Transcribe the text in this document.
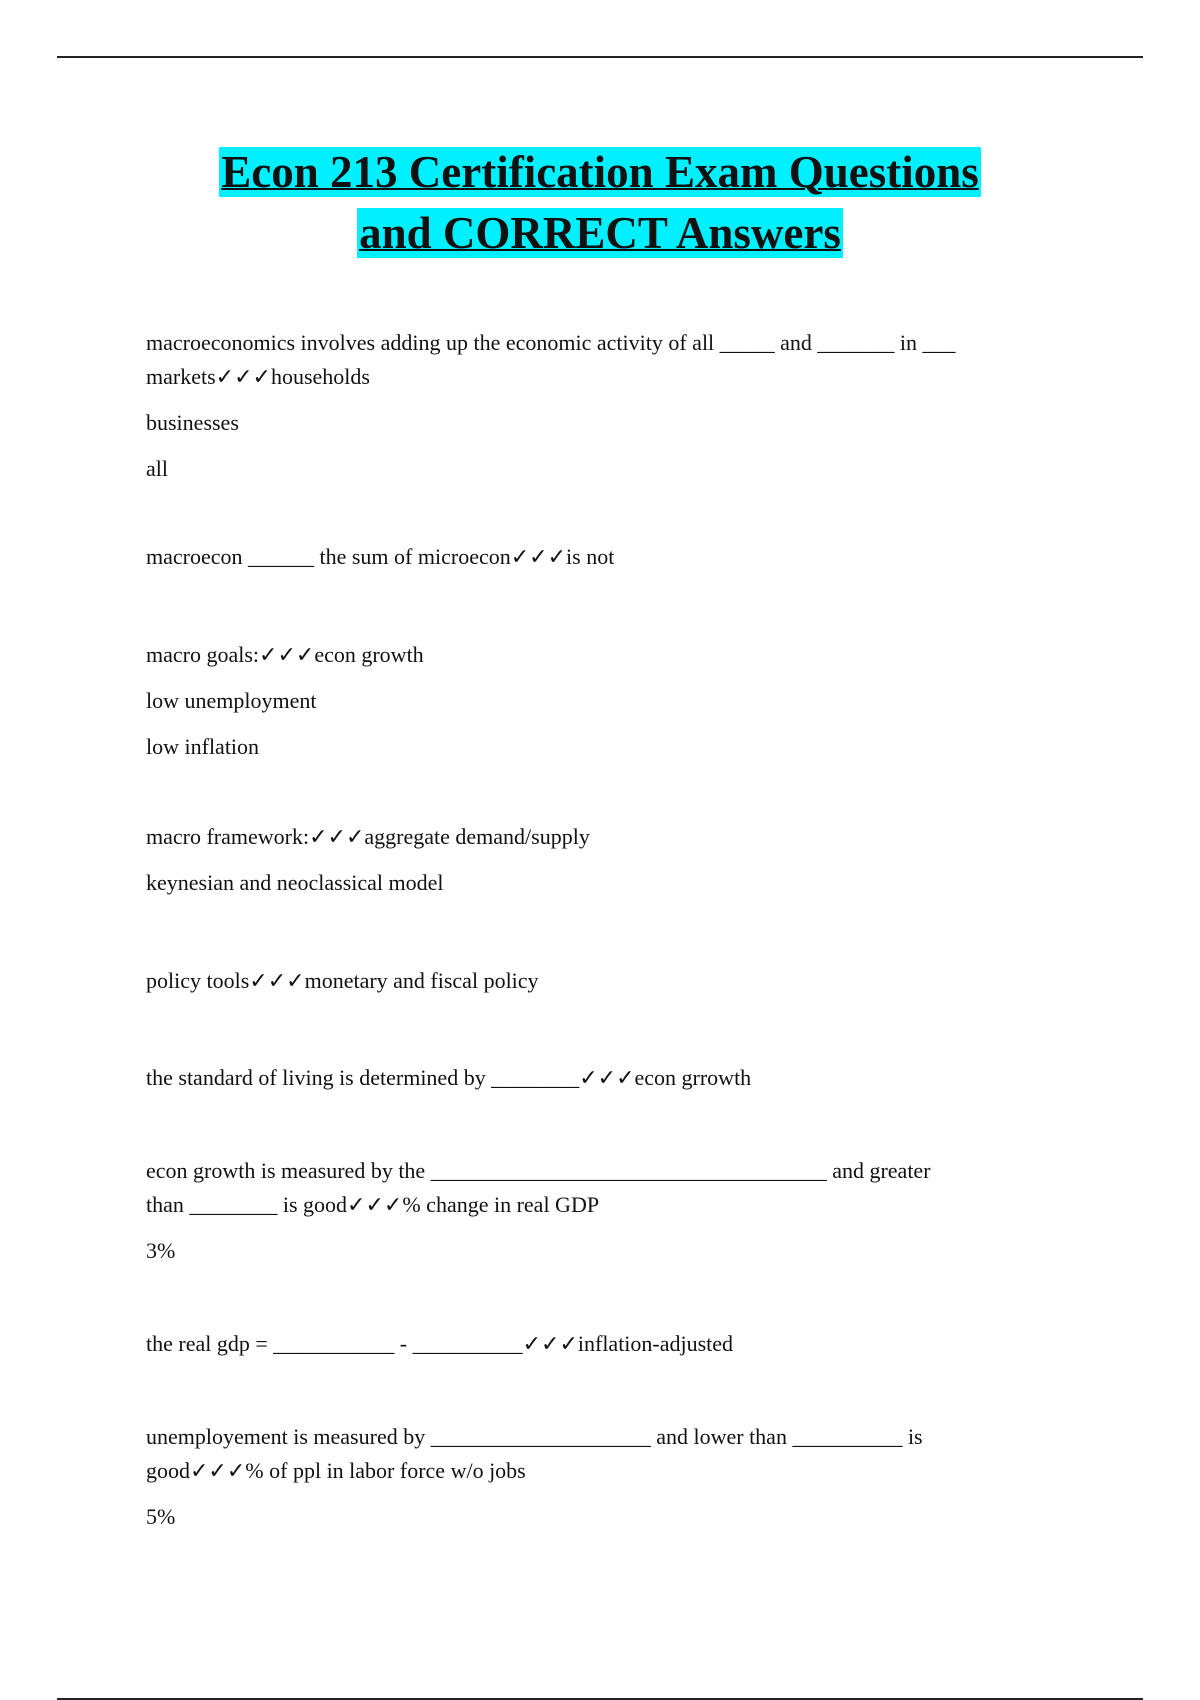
Econ 213 Certification Exam Questions
and CORRECT Answers
macroeconomics involves adding up the economic activity of all _____ and _______ in ___
markets✓✓✓households
businesses
all
macroecon ______ the sum of microecon✓✓✓is not
macro goals:✓✓✓econ growth
low unemployment
low inflation
macro framework:✓✓✓aggregate demand/supply
keynesian and neoclassical model
policy tools✓✓✓monetary and fiscal policy
the standard of living is determined by ________✓✓✓econ grrowth
econ growth is measured by the ____________________________________ and greater
than ________ is good✓✓✓% change in real GDP
3%
the real gdp = ___________ - __________✓✓✓inflation-adjusted
unemployement is measured by ____________________ and lower than __________ is
good✓✓✓% of ppl in labor force w/o jobs
5%
